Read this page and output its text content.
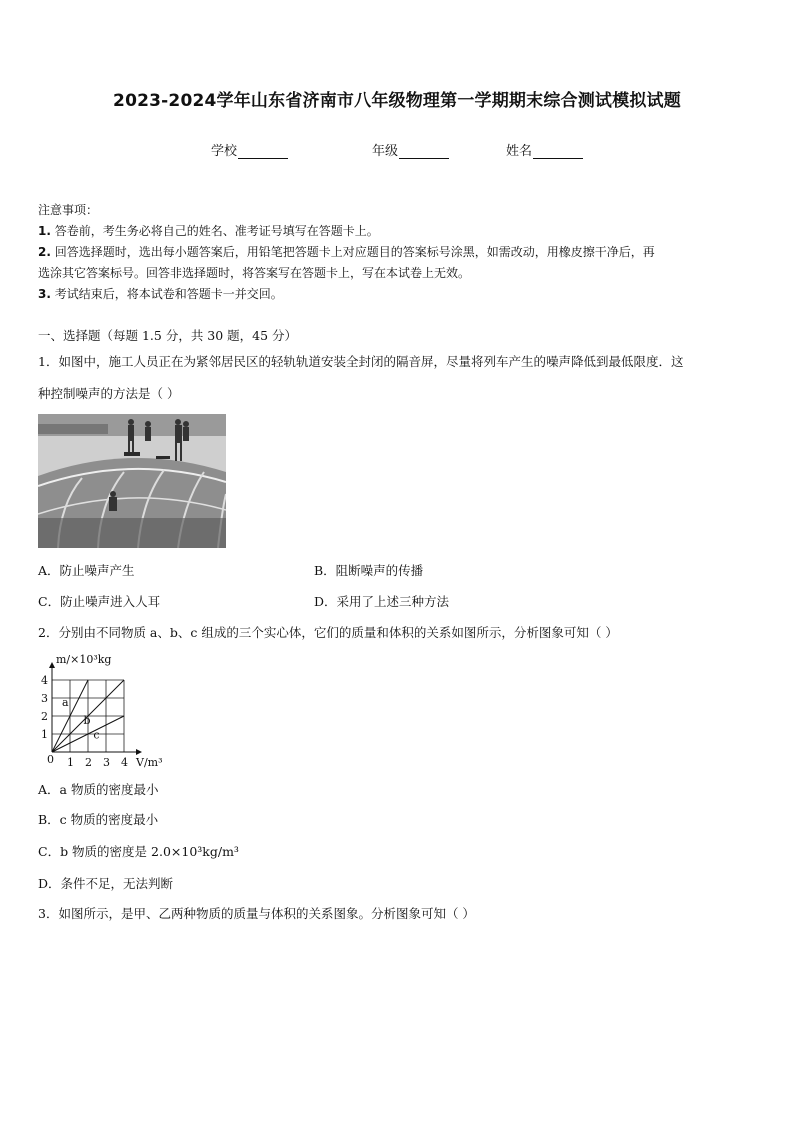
2023-2024学年山东省济南市八年级物理第一学期期末综合测试模拟试题
学校	年级	姓名
注意事项：
1. 答卷前，考生务必将自己的姓名、准考证号填写在答题卡上。
2. 回答选择题时，选出每小题答案后，用铅笔把答题卡上对应题目的答案标号涂黑，如需改动，用橡皮擦干净后，再
选涂其它答案标号。回答非选择题时，将答案写在答题卡上，写在本试卷上无效。
3. 考试结束后，将本试卷和答题卡一并交回。
一、选择题（每题 1.5 分，共 30 题，45 分）
1．如图中，施工人员正在为紧邻居民区的轻轨轨道安装全封闭的隔音屏，尽量将列车产生的噪声降低到最低限度．这
种控制噪声的方法是（ ）
A．防止噪声产生	B．阻断噪声的传播
C．防止噪声进入人耳	D．采用了上述三种方法
2．分别由不同物质 a、b、c 组成的三个实心体，它们的质量和体积的关系如图所示，分析图象可知（ ）
1 2 3 4
1
2
3
4
0	V/m³
m/×10³kg
a
b
c
A．a 物质的密度最小
B．c 物质的密度最小
C．b 物质的密度是 2.0×10³kg/m³
D．条件不足，无法判断
3．如图所示，是甲、乙两种物质的质量与体积的关系图象。分析图象可知（ ）
